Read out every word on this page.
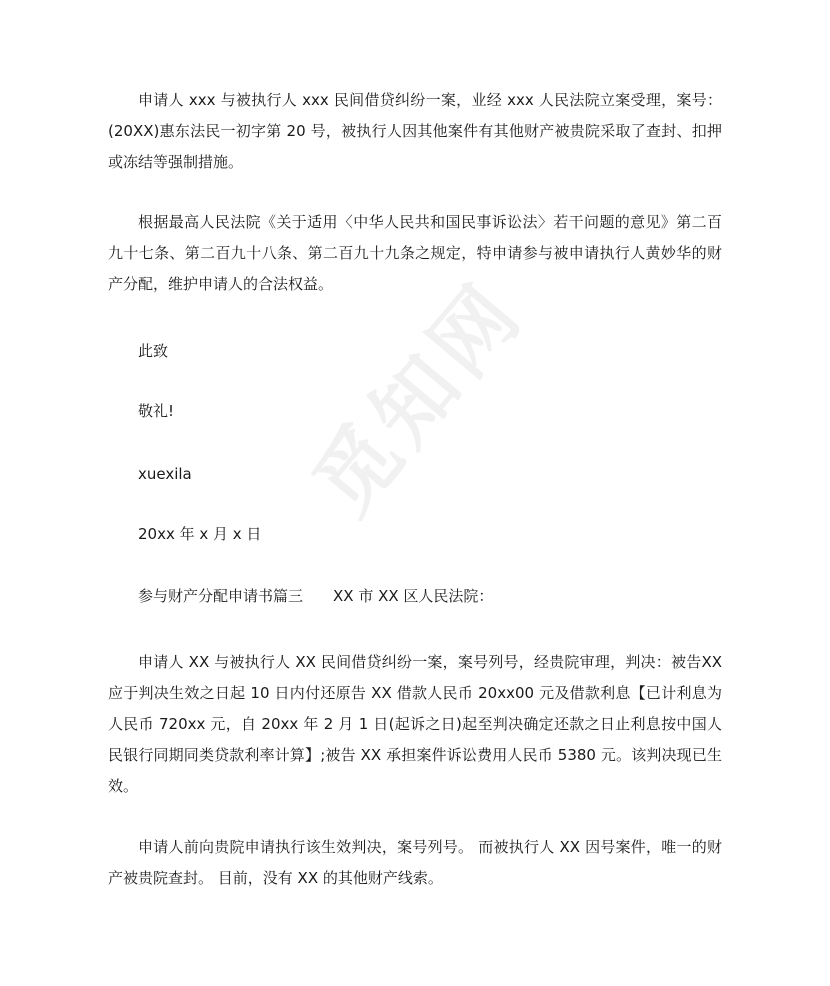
申请人 xxx 与被执行人 xxx 民间借贷纠纷一案，业经 xxx 人民法院立案受理，案号：(20XX)惠东法民一初字第 20 号，被执行人因其他案件有其他财产被贵院采取了查封、扣押或冻结等强制措施。

根据最高人民法院《关于适用〈中华人民共和国民事诉讼法〉若干问题的意见》第二百九十七条、第二百九十八条、第二百九十九条之规定，特申请参与被申请执行人黄妙华的财产分配，维护申请人的合法权益。

此致

敬礼!

xuexila

20xx 年 x 月 x 日

参与财产分配申请书篇三 XX 市 XX 区人民法院：

申请人 XX 与被执行人 XX 民间借贷纠纷一案，案号列号，经贵院审理，判决：被告XX 应于判决生效之日起 10 日内付还原告 XX 借款人民币 20xx00 元及借款利息【已计利息为人民币 720xx 元，自 20xx 年 2 月 1 日(起诉之日)起至判决确定还款之日止利息按中国人民银行同期同类贷款利率计算】;被告 XX 承担案件诉讼费用人民币 5380 元。该判决现已生效。

申请人前向贵院申请执行该生效判决，案号列号。 而被执行人 XX 因号案件，唯一的财产被贵院查封。 目前，没有 XX 的其他财产线索。

觅知网
